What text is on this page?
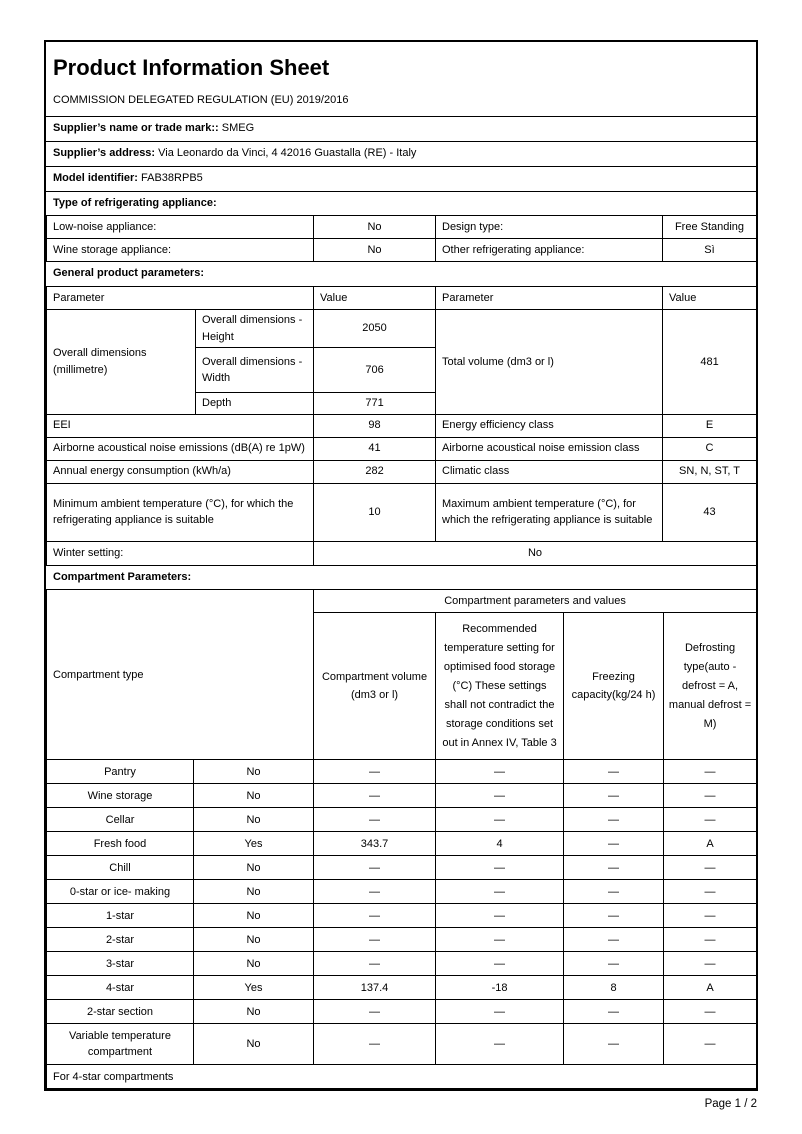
Product Information Sheet
COMMISSION DELEGATED REGULATION (EU) 2019/2016
Supplier’s name or trade mark:: SMEG
Supplier’s address: Via Leonardo da Vinci, 4 42016 Guastalla (RE) - Italy
Model identifier: FAB38RPB5
Type of refrigerating appliance:
Low-noise appliance:	No	Design type:	Free Standing
Wine storage appliance:	No	Other refrigerating appliance:	Sì
General product parameters:
Parameter		Value	Parameter	Value
Overall dimensions (millimetre)	Overall dimensions - Height	2050	Total volume (dm3 or l)	481
	Overall dimensions - Width	706		
	Depth	771		
EEI		98	Energy efficiency class	E
Airborne acoustical noise emissions (dB(A) re 1pW)		41	Airborne acoustical noise emission class	C
Annual energy consumption (kWh/a)		282	Climatic class	SN, N, ST, T
Minimum ambient temperature (°C), for which the refrigerating appliance is suitable		10	Maximum ambient temperature (°C), for which the refrigerating appliance is suitable	43
Winter setting:		No		
Compartment Parameters:
Compartment type		Compartment parameters and values			
		Compartment volume (dm3 or l)	Recommended temperature setting for optimised food storage (°C) These settings shall not contradict the storage conditions set out in Annex IV, Table 3	Freezing capacity(kg/24 h)	Defrosting type(auto - defrost = A, manual defrost = M)
Pantry	No	—	—	—	—
Wine storage	No	—	—	—	—
Cellar	No	—	—	—	—
Fresh food	Yes	343.7	4	—	A
Chill	No	—	—	—	—
0-star or ice- making	No	—	—	—	—
1-star	No	—	—	—	—
2-star	No	—	—	—	—
3-star	No	—	—	—	—
4-star	Yes	137.4	-18	8	A
2-star section	No	—	—	—	—
Variable temperature compartment	No	—	—	—	—
For 4-star compartments					
Page 1 / 2
